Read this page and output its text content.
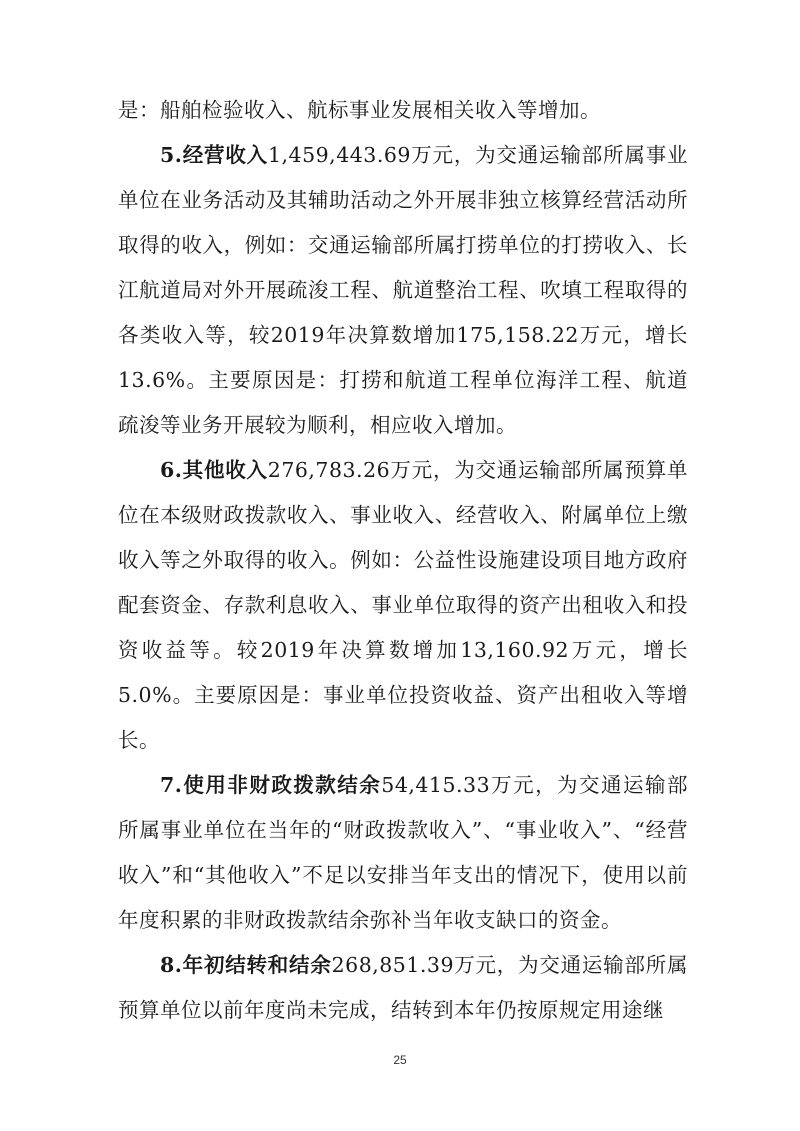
是：船舶检验收入、航标事业发展相关收入等增加。

5.经营收入1,459,443.69万元，为交通运输部所属事业单位在业务活动及其辅助活动之外开展非独立核算经营活动所取得的收入，例如：交通运输部所属打捞单位的打捞收入、长江航道局对外开展疏浚工程、航道整治工程、吹填工程取得的各类收入等，较2019年决算数增加175,158.22万元，增长13.6%。主要原因是：打捞和航道工程单位海洋工程、航道疏浚等业务开展较为顺利，相应收入增加。

6.其他收入276,783.26万元，为交通运输部所属预算单位在本级财政拨款收入、事业收入、经营收入、附属单位上缴收入等之外取得的收入。例如：公益性设施建设项目地方政府配套资金、存款利息收入、事业单位取得的资产出租收入和投资收益等。较2019年决算数增加13,160.92万元，增长5.0%。主要原因是：事业单位投资收益、资产出租收入等增长。

7.使用非财政拨款结余54,415.33万元，为交通运输部所属事业单位在当年的“财政拨款收入”、“事业收入”、“经营收入”和“其他收入”不足以安排当年支出的情况下，使用以前年度积累的非财政拨款结余弥补当年收支缺口的资金。

8.年初结转和结余268,851.39万元，为交通运输部所属预算单位以前年度尚未完成，结转到本年仍按原规定用途继

25
